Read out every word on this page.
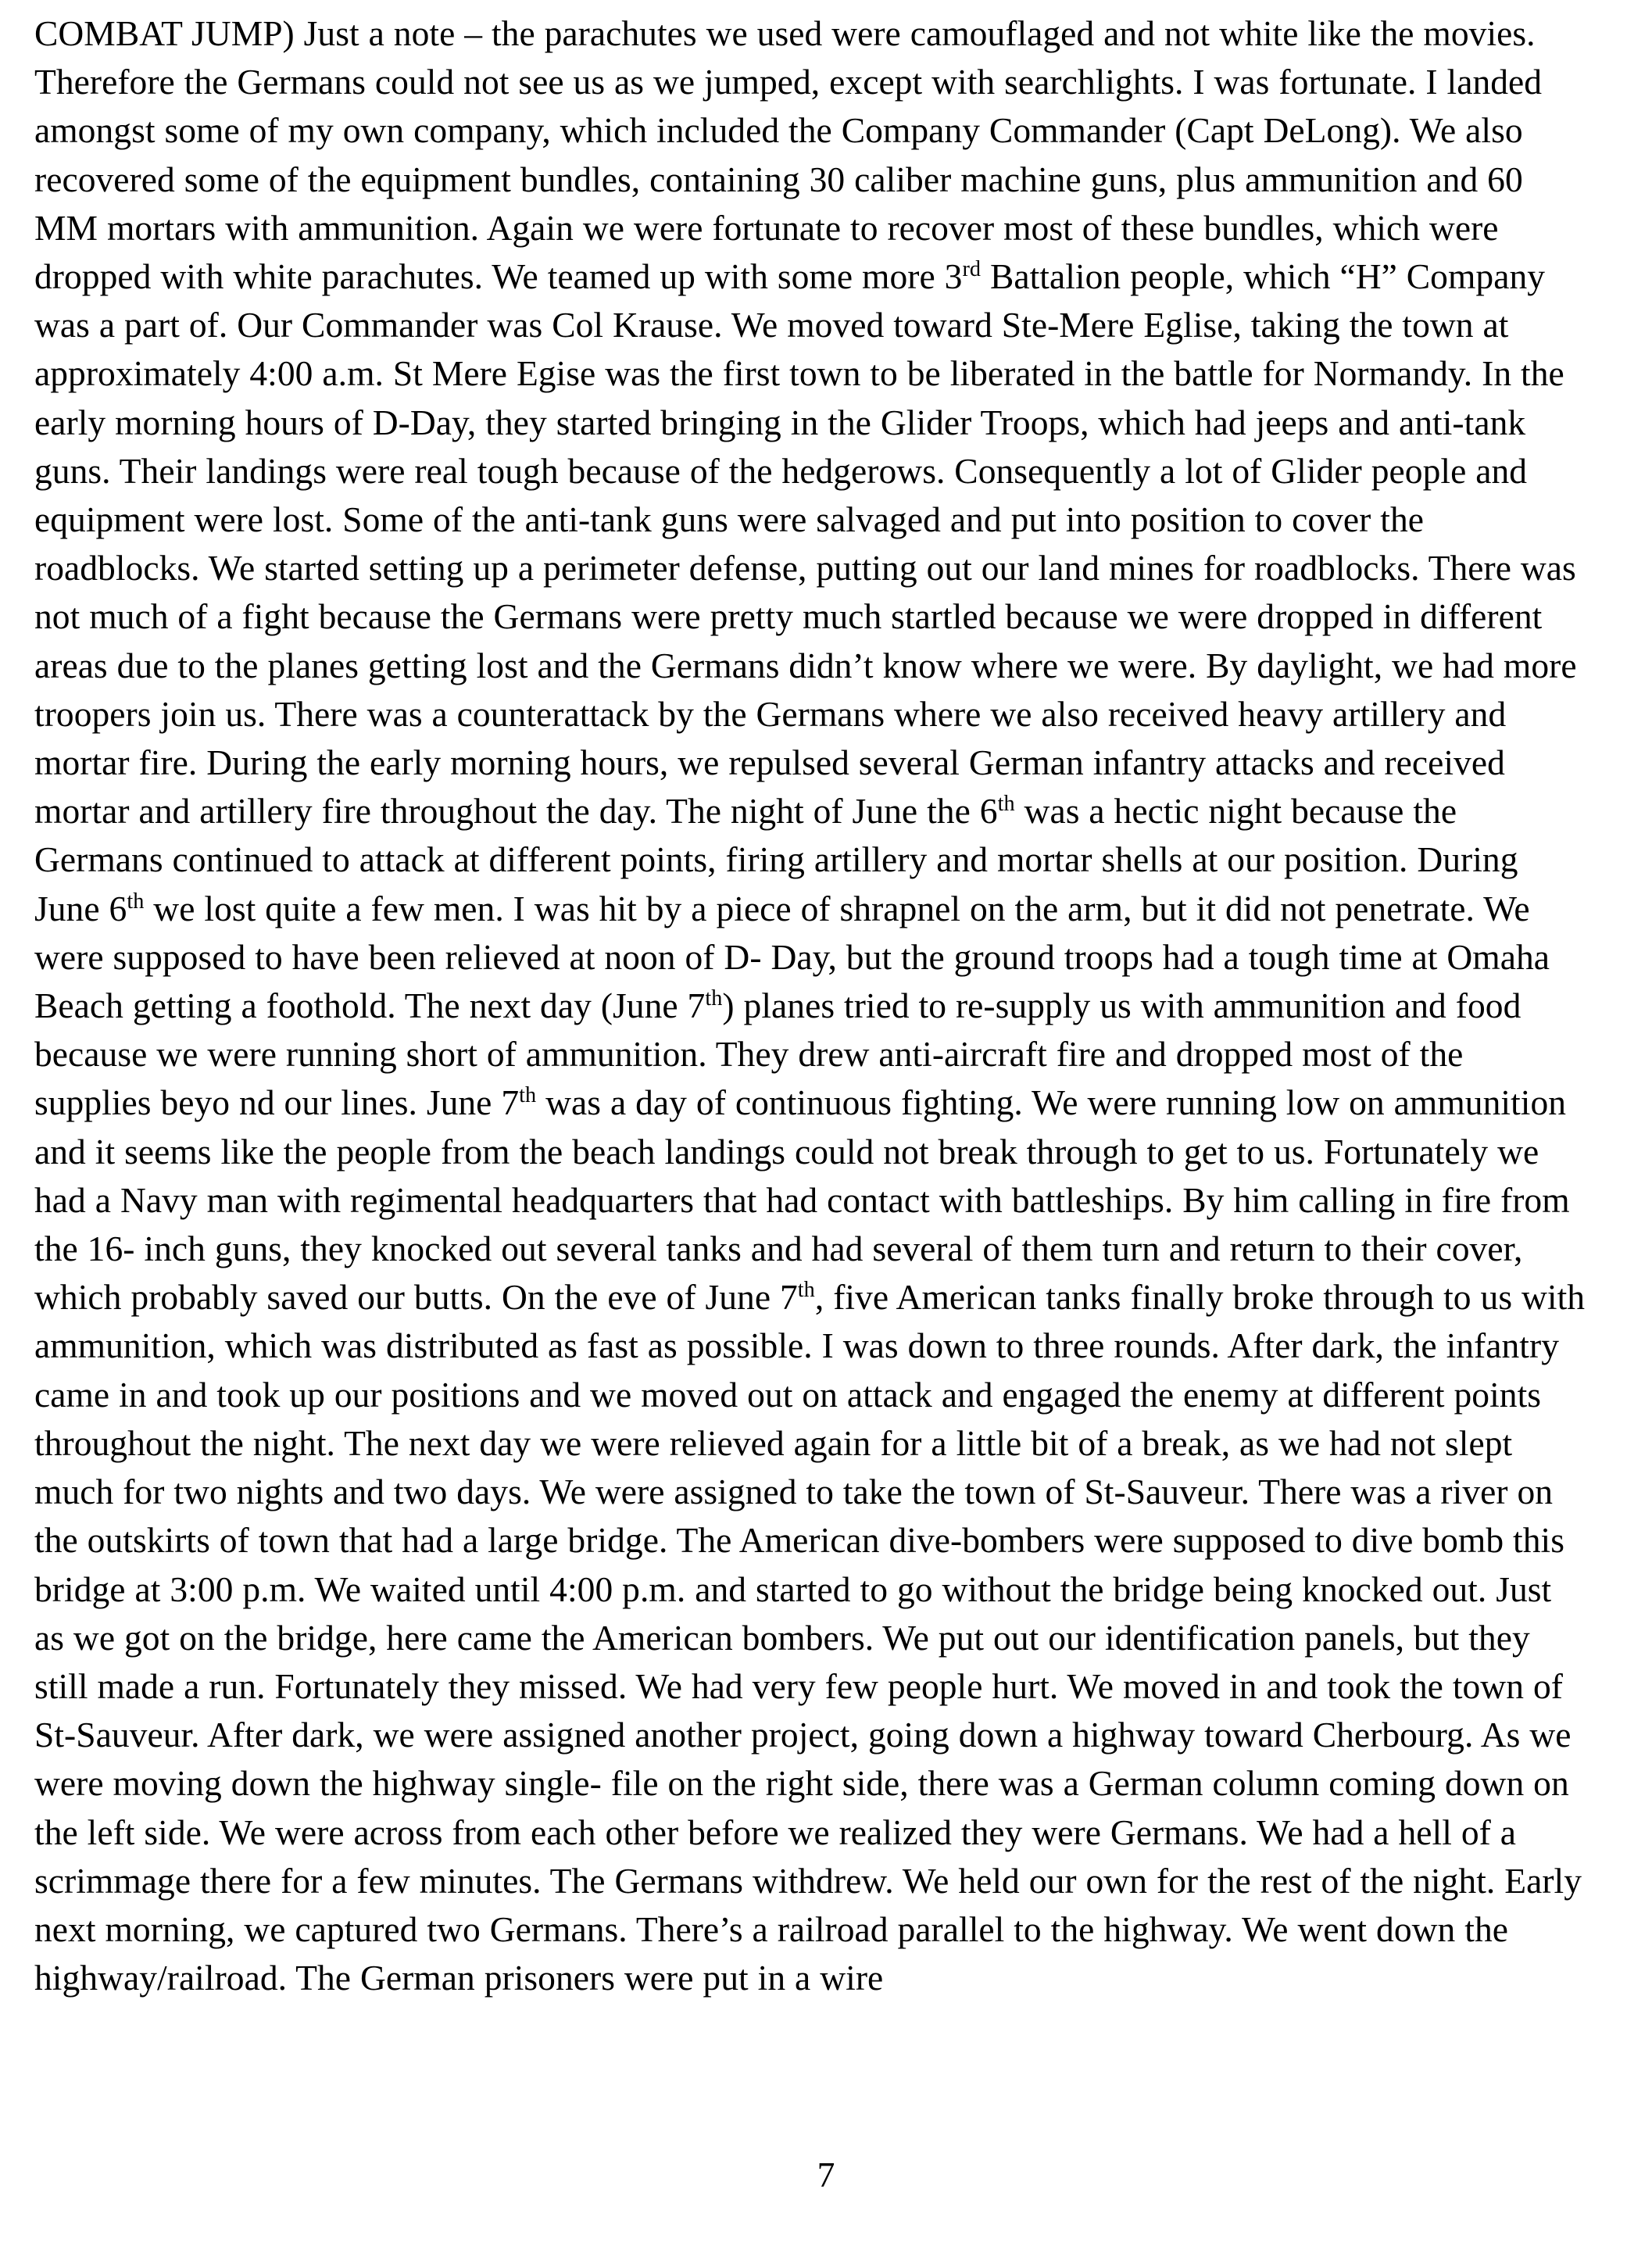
COMBAT JUMP) Just a note – the parachutes we used were camouflaged and not white like the movies. Therefore the Germans could not see us as we jumped, except with searchlights. I was fortunate. I landed amongst some of my own company, which included the Company Commander (Capt DeLong). We also recovered some of the equipment bundles, containing 30 caliber machine guns, plus ammunition and 60 MM mortars with ammunition. Again we were fortunate to recover most of these bundles, which were dropped with white parachutes. We teamed up with some more 3rd Battalion people, which “H” Company was a part of. Our Commander was Col Krause. We moved toward Ste-Mere Eglise, taking the town at approximately 4:00 a.m. St Mere Egise was the first town to be liberated in the battle for Normandy. In the early morning hours of D-Day, they started bringing in the Glider Troops, which had jeeps and anti‑tank guns. Their landings were real tough because of the hedgerows. Consequently a lot of Glider people and equipment were lost. Some of the anti‑tank guns were salvaged and put into position to cover the roadblocks. We started setting up a perimeter defense, putting out our land mines for roadblocks. There was not much of a fight because the Germans were pretty much startled because we were dropped in different areas due to the planes getting lost and the Germans didn’t know where we were. By daylight, we had more troopers join us. There was a counterattack by the Germans where we also received heavy artillery and mortar fire. During the early morning hours, we repulsed several German infantry attacks and received mortar and artillery fire throughout the day. The night of June the 6th was a hectic night because the Germans continued to attack at different points, firing artillery and mortar shells at our position. During June 6th we lost quite a few men. I was hit by a piece of shrapnel on the arm, but it did not penetrate. We were supposed to have been relieved at noon of D‑ Day, but the ground troops had a tough time at Omaha Beach getting a foothold. The next day (June 7th) planes tried to re-supply us with ammunition and food because we were running short of ammunition. They drew anti‑aircraft fire and dropped most of the supplies beyo nd our lines. June 7th was a day of continuous fighting. We were running low on ammunition and it seems like the people from the beach landings could not break through to get to us. Fortunately we had a Navy man with regimental headquarters that had contact with battleships. By him calling in fire from the 16‑ inch guns, they knocked out several tanks and had several of them turn and return to their cover, which probably saved our butts. On the eve of June 7th, five American tanks finally broke through to us with ammunition, which was distributed as fast as possible. I was down to three rounds. After dark, the infantry came in and took up our positions and we moved out on attack and engaged the enemy at different points throughout the night. The next day we were relieved again for a little bit of a break, as we had not slept much for two nights and two days. We were assigned to take the town of St‑Sauveur. There was a river on the outskirts of town that had a large bridge. The American dive-bombers were supposed to dive bomb this bridge at 3:00 p.m. We waited until 4:00 p.m. and started to go without the bridge being knocked out. Just as we got on the bridge, here came the American bombers. We put out our identification panels, but they still made a run. Fortunately they missed. We had very few people hurt. We moved in and took the town of St‑Sauveur. After dark, we were assigned another project, going down a highway toward Cherbourg. As we were moving down the highway single‑ file on the right side, there was a German column coming down on the left side. We were across from each other before we realized they were Germans. We had a hell of a scrimmage there for a few minutes. The Germans withdrew. We held our own for the rest of the night. Early next morning, we captured two Germans. There’s a railroad parallel to the highway. We went down the highway/railroad. The German prisoners were put in a wire

7
